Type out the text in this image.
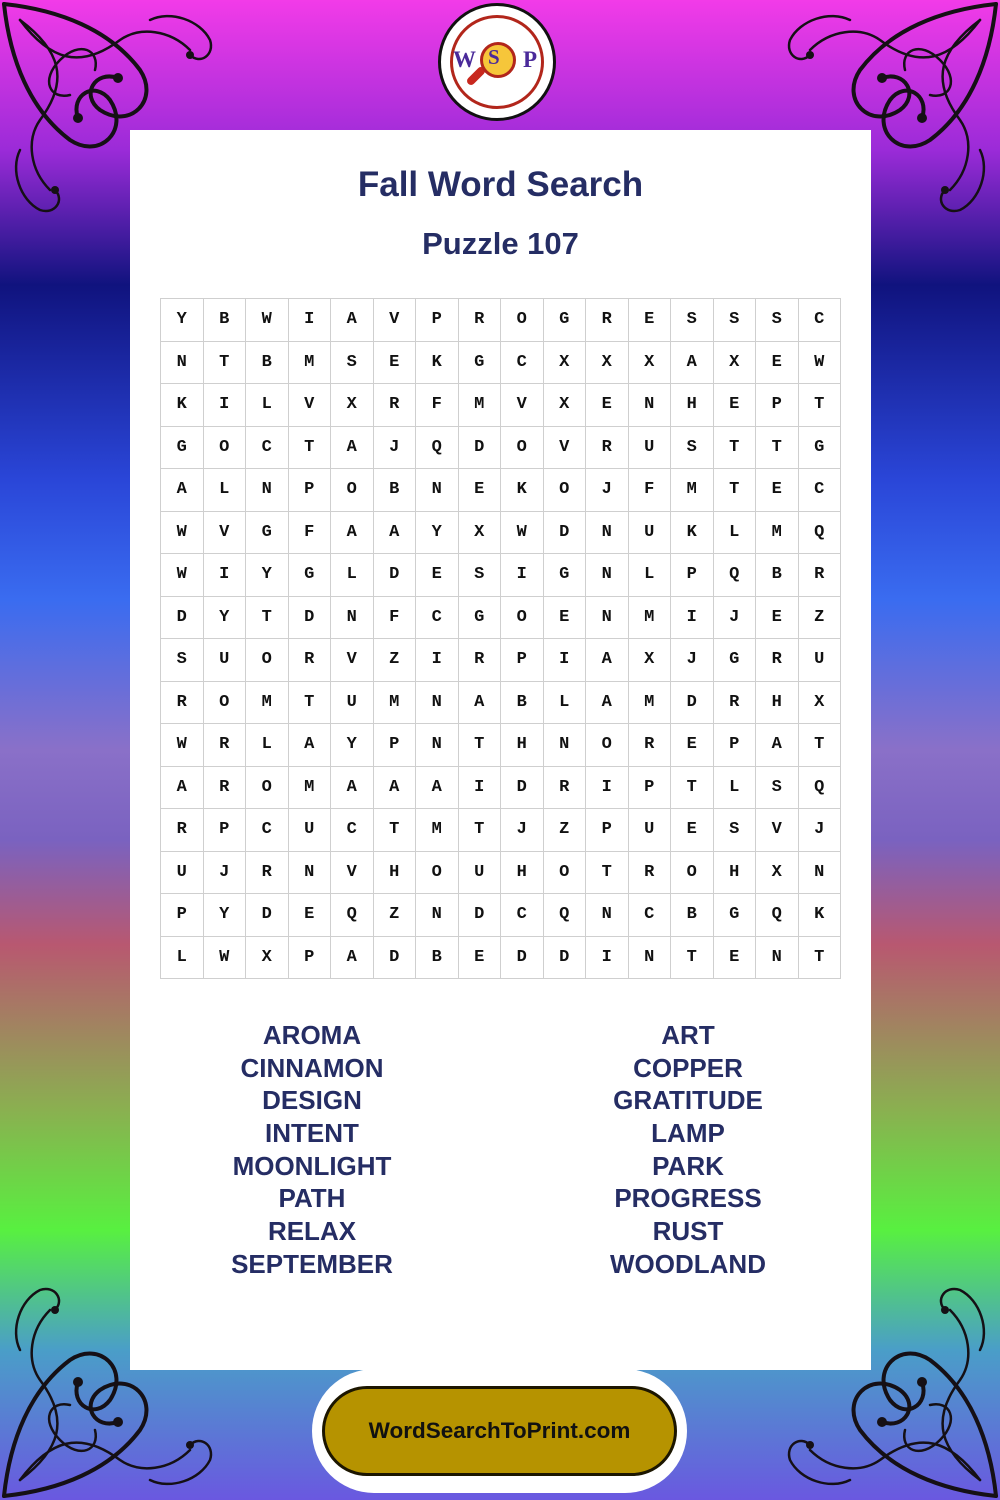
Fall Word Search
Puzzle 107
Y	B	W	I	A	V	P	R	O	G	R	E	S	S	S	C
N	T	B	M	S	E	K	G	C	X	X	X	A	X	E	W
K	I	L	V	X	R	F	M	V	X	E	N	H	E	P	T
G	O	C	T	A	J	Q	D	O	V	R	U	S	T	T	G
A	L	N	P	O	B	N	E	K	O	J	F	M	T	E	C
W	V	G	F	A	A	Y	X	W	D	N	U	K	L	M	Q
W	I	Y	G	L	D	E	S	I	G	N	L	P	Q	B	R
D	Y	T	D	N	F	C	G	O	E	N	M	I	J	E	Z
S	U	O	R	V	Z	I	R	P	I	A	X	J	G	R	U
R	O	M	T	U	M	N	A	B	L	A	M	D	R	H	X
W	R	L	A	Y	P	N	T	H	N	O	R	E	P	A	T
A	R	O	M	A	A	A	I	D	R	I	P	T	L	S	Q
R	P	C	U	C	T	M	T	J	Z	P	U	E	S	V	J
U	J	R	N	V	H	O	U	H	O	T	R	O	H	X	N
P	Y	D	E	Q	Z	N	D	C	Q	N	C	B	G	Q	K
L	W	X	P	A	D	B	E	D	D	I	N	T	E	N	T
AROMA
CINNAMON
DESIGN
INTENT
MOONLIGHT
PATH
RELAX
SEPTEMBER
ART
COPPER
GRATITUDE
LAMP
PARK
PROGRESS
RUST
WOODLAND
W S P
WordSearchToPrint.com
